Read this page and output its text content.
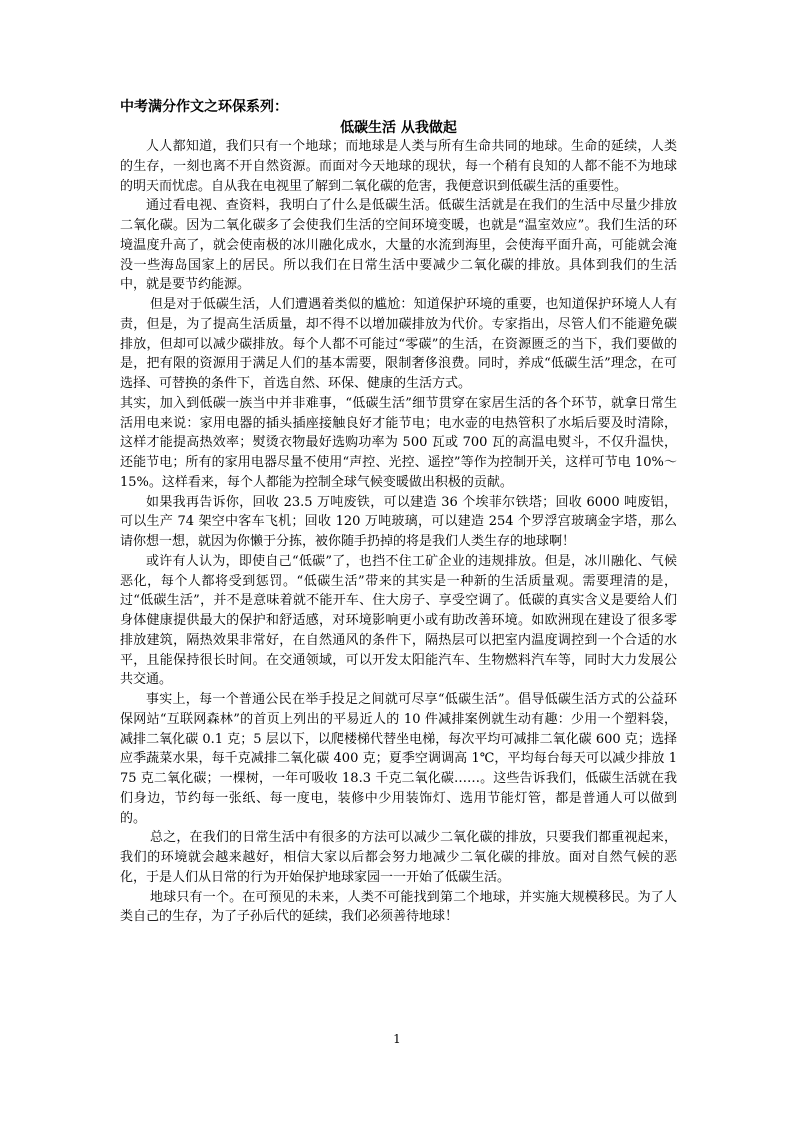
中考满分作文之环保系列：
低碳生活 从我做起

人人都知道，我们只有一个地球；而地球是人类与所有生命共同的地球。生命的延续，人类的生存，一刻也离不开自然资源。而面对今天地球的现状，每一个稍有良知的人都不能不为地球的明天而忧虑。自从我在电视里了解到二氧化碳的危害，我便意识到低碳生活的重要性。

通过看电视、查资料，我明白了什么是低碳生活。低碳生活就是在我们的生活中尽量少排放二氧化碳。因为二氧化碳多了会使我们生活的空间环境变暖，也就是“温室效应”。我们生活的环境温度升高了，就会使南极的冰川融化成水，大量的水流到海里，会使海平面升高，可能就会淹没一些海岛国家上的居民。所以我们在日常生活中要减少二氧化碳的排放。具体到我们的生活中，就是要节约能源。

但是对于低碳生活，人们遭遇着类似的尴尬：知道保护环境的重要，也知道保护环境人人有责，但是，为了提高生活质量，却不得不以增加碳排放为代价。专家指出，尽管人们不能避免碳排放，但却可以减少碳排放。每个人都不可能过“零碳”的生活，在资源匮乏的当下，我们要做的是，把有限的资源用于满足人们的基本需要，限制奢侈浪费。同时，养成“低碳生活”理念，在可选择、可替换的条件下，首选自然、环保、健康的生活方式。

其实，加入到低碳一族当中并非难事，“低碳生活”细节贯穿在家居生活的各个环节，就拿日常生活用电来说：家用电器的插头插座接触良好才能节电；电水壶的电热管积了水垢后要及时清除，这样才能提高热效率；熨烫衣物最好选购功率为 500 瓦或 700 瓦的高温电熨斗，不仅升温快，还能节电；所有的家用电器尽量不使用“声控、光控、遥控”等作为控制开关，这样可节电 10%～15%。这样看来，每个人都能为控制全球气候变暖做出积极的贡献。

如果我再告诉你，回收 23.5 万吨废铁，可以建造 36 个埃菲尔铁塔；回收 6000 吨废铝，可以生产 74 架空中客车飞机；回收 120 万吨玻璃，可以建造 254 个罗浮宫玻璃金字塔，那么请你想一想，就因为你懒于分拣，被你随手扔掉的将是我们人类生存的地球啊！

或许有人认为，即使自己“低碳”了，也挡不住工矿企业的违规排放。但是，冰川融化、气候恶化，每个人都将受到惩罚。“低碳生活”带来的其实是一种新的生活质量观。需要理清的是，过“低碳生活”，并不是意味着就不能开车、住大房子、享受空调了。低碳的真实含义是要给人们身体健康提供最大的保护和舒适感，对环境影响更小或有助改善环境。如欧洲现在建设了很多零排放建筑，隔热效果非常好，在自然通风的条件下，隔热层可以把室内温度调控到一个合适的水平，且能保持很长时间。在交通领域，可以开发太阳能汽车、生物燃料汽车等，同时大力发展公共交通。

事实上，每一个普通公民在举手投足之间就可尽享“低碳生活”。倡导低碳生活方式的公益环保网站“互联网森林”的首页上列出的平易近人的 10 件减排案例就生动有趣：少用一个塑料袋，减排二氧化碳 0.1 克；5 层以下，以爬楼梯代替坐电梯，每次平均可减排二氧化碳 600 克；选择应季蔬菜水果，每千克减排二氧化碳 400 克；夏季空调调高 1℃，平均每台每天可以减少排放 175 克二氧化碳；一棵树，一年可吸收 18.3 千克二氧化碳……。这些告诉我们，低碳生活就在我们身边，节约每一张纸、每一度电，装修中少用装饰灯、选用节能灯管，都是普通人可以做到的。

总之，在我们的日常生活中有很多的方法可以减少二氧化碳的排放，只要我们都重视起来，我们的环境就会越来越好，相信大家以后都会努力地减少二氧化碳的排放。面对自然气候的恶化，于是人们从日常的行为开始保护地球家园一一开始了低碳生活。

地球只有一个。在可预见的未来，人类不可能找到第二个地球，并实施大规模移民。为了人类自己的生存，为了子孙后代的延续，我们必须善待地球！

1
